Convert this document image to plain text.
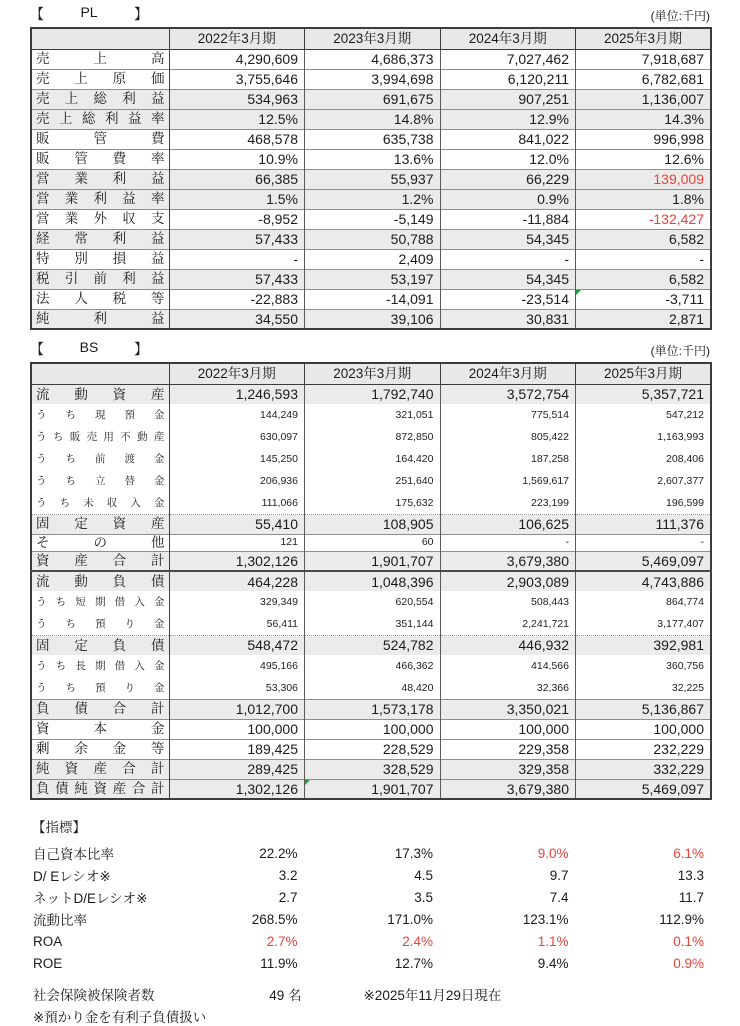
【	PL	】	(単位:千円)
	2022年3月期	2023年3月期	2024年3月期	2025年3月期
売上高	4,290,609	4,686,373	7,027,462	7,918,687
売上原価	3,755,646	3,994,698	6,120,211	6,782,681
売上総利益	534,963	691,675	907,251	1,136,007
売上総利益率	12.5%	14.8%	12.9%	14.3%
販管費	468,578	635,738	841,022	996,998
販管費率	10.9%	13.6%	12.0%	12.6%
営業利益	66,385	55,937	66,229	139,009
営業利益率	1.5%	1.2%	0.9%	1.8%
営業外収支	-8,952	-5,149	-11,884	-132,427
経常利益	57,433	50,788	54,345	6,582
特別損益	-	2,409	-	-
税引前利益	57,433	53,197	54,345	6,582
法人税等	-22,883	-14,091	-23,514	-3,711
純利益	34,550	39,106	30,831	2,871
【	BS	】	(単位:千円)
	2022年3月期	2023年3月期	2024年3月期	2025年3月期
流動資産	1,246,593	1,792,740	3,572,754	5,357,721
うち現預金	144,249	321,051	775,514	547,212
うち販売用不動産	630,097	872,850	805,422	1,163,993
うち前渡金	145,250	164,420	187,258	208,406
うち立替金	206,936	251,640	1,569,617	2,607,377
うち未収入金	111,066	175,632	223,199	196,599
固定資産	55,410	108,905	106,625	111,376
その他	121	60	-	-
資産合計	1,302,126	1,901,707	3,679,380	5,469,097
流動負債	464,228	1,048,396	2,903,089	4,743,886
うち短期借入金	329,349	620,554	508,443	864,774
うち預り金	56,411	351,144	2,241,721	3,177,407
固定負債	548,472	524,782	446,932	392,981
うち長期借入金	495,166	466,362	414,566	360,756
うち預り金	53,306	48,420	32,366	32,225
負債合計	1,012,700	1,573,178	3,350,021	5,136,867
資本金	100,000	100,000	100,000	100,000
剰余金等	189,425	228,529	229,358	232,229
純資産合計	289,425	328,529	329,358	332,229
負債純資産合計	1,302,126	1,901,707	3,679,380	5,469,097
【指標】
自己資本比率	22.2%	17.3%	9.0%	6.1%
D/ Eレシオ※	3.2	4.5	9.7	13.3
ネットD/Eレシオ※	2.7	3.5	7.4	11.7
流動比率	268.5%	171.0%	123.1%	112.9%
ROA	2.7%	2.4%	1.1%	0.1%
ROE	11.9%	12.7%	9.4%	0.9%
社会保険被保険者数	49 名	※2025年11月29日現在
※預かり金を有利子負債扱い
